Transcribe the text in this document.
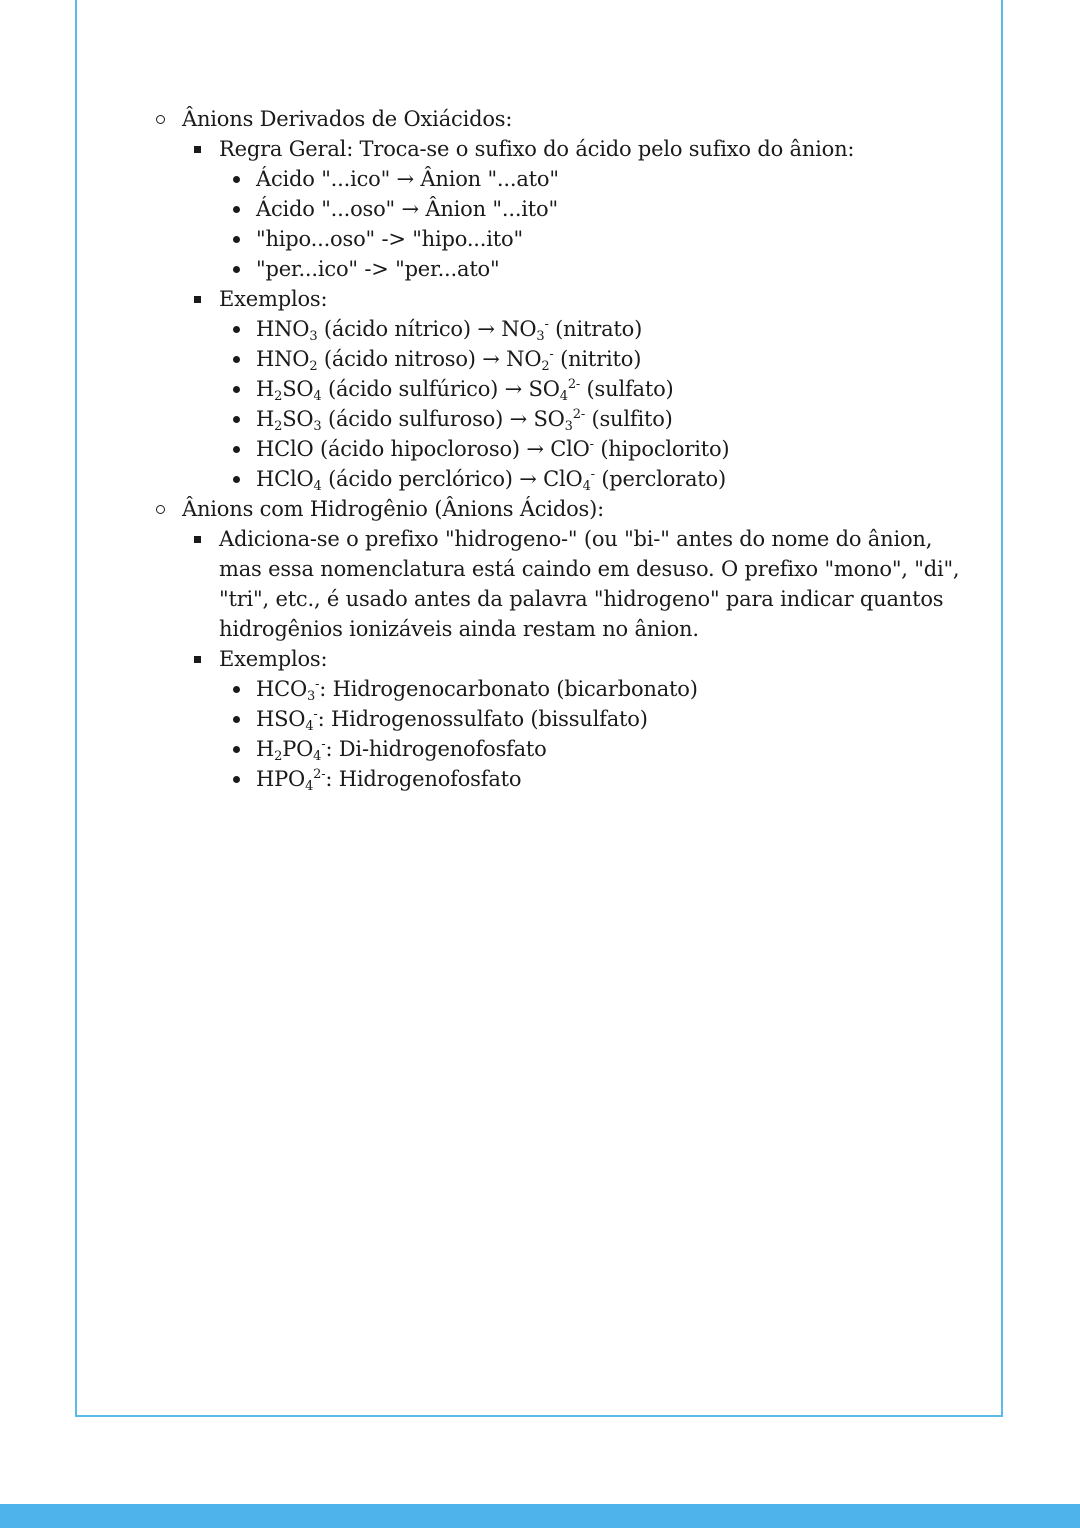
Ânions Derivados de Oxiácidos:
Regra Geral: Troca-se o sufixo do ácido pelo sufixo do ânion:
Ácido "...ico" → Ânion "...ato"
Ácido "...oso" → Ânion "...ito"
"hipo...oso" -> "hipo...ito"
"per...ico" -> "per...ato"
Exemplos:
$HNO_3$ (ácido nítrico) → $NO_3^-$ (nitrato)
$HNO_2$ (ácido nitroso) → $NO_2^-$ (nitrito)
$H_2SO_4$ (ácido sulfúrico) → $SO_4^{2-}$ (sulfato)
$H_2SO_3$ (ácido sulfuroso) → $SO_3^{2-}$ (sulfito)
HClO (ácido hipocloroso) → ClO- (hipoclorito)
HClO$_4$ (ácido perclórico) → ClO$_4$- (perclorato)
Ânions com Hidrogênio (Ânions Ácidos):
Adiciona-se o prefixo "hidrogeno-" (ou "bi-" antes do nome do ânion, mas essa nomenclatura está caindo em desuso. O prefixo "mono", "di", "tri", etc., é usado antes da palavra "hidrogeno" para indicar quantos hidrogênios ionizáveis ainda restam no ânion.
Exemplos:
$HCO_3^-$: Hidrogenocarbonato (bicarbonato)
$HSO_4^-$: Hidrogenossulfato (bissulfato)
$H_2PO_4^-$: Di-hidrogenofosfato
$HPO_4^{2-}$: Hidrogenofosfato
